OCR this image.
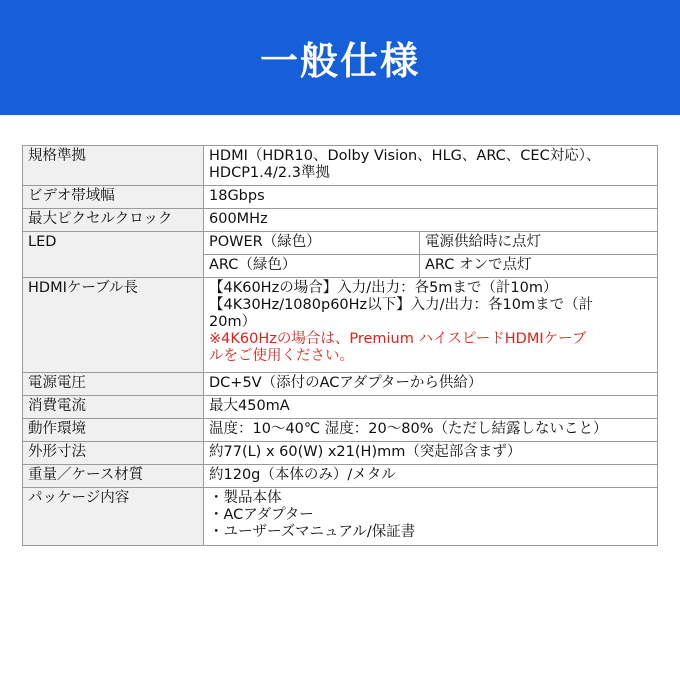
一般仕様
規格準拠	HDMI（HDR10、Dolby Vision、HLG、ARC、CEC対応）、
HDCP1.4/2.3準拠	

ビデオ帯域幅	18Gbps	
最大ピクセルクロック	600MHz	
LED	POWER（緑色）	電源供給時に点灯
	ARC（緑色）	ARC オンで点灯
HDMIケーブル長	【4K60Hzの場合】入力/出力：各5mまで（計10m）
【4K30Hz/1080p60Hz以下】入力/出力：各10mまで（計
20m）
※4K60Hzの場合は、Premium ハイスピードHDMIケーブ
ルをご使用ください。	

電源電圧	DC+5V（添付のACアダプターから供給）	
消費電流	最大450mA	
動作環境	温度：10～40℃ 湿度：20～80%（ただし結露しないこと）	
外形寸法	約77(L) x 60(W) x21(H)mm（突起部含まず）	
重量／ケース材質	約120g（本体のみ）/メタル	
パッケージ内容	・製品本体
・ACアダプター
・ユーザーズマニュアル/保証書	
